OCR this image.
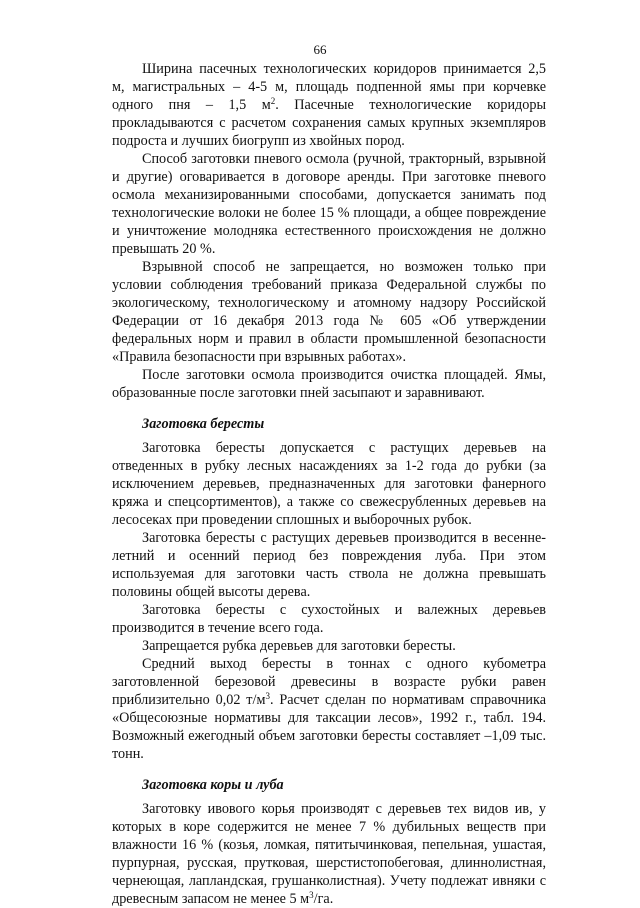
66

Ширина пасечных технологических коридоров принимается 2,5 м, магистральных – 4-5 м, площадь подпенной ямы при корчевке одного пня – 1,5 $м^2$. Пасечные технологические коридоры прокладываются с расчетом сохранения самых крупных экземпляров подроста и лучших биогрупп из хвойных пород.

Способ заготовки пневого осмола (ручной, тракторный, взрывной и другие) оговаривается в договоре аренды. При заготовке пневого осмола механизированными способами, допускается занимать под технологические волоки не более 15 % площади, а общее повреждение и уничтожение молодняка естественного происхождения не должно превышать 20 %.

Взрывной способ не запрещается, но возможен только при условии соблюдения требований приказа Федеральной службы по экологическому, технологическому и атомному надзору Российской Федерации от 16 декабря 2013 года № 605 «Об утверждении федеральных норм и правил в области промышленной безопасности «Правила безопасности при взрывных работах».

После заготовки осмола производится очистка площадей. Ямы, образованные после заготовки пней засыпают и заравнивают.

Заготовка бересты

Заготовка бересты допускается с растущих деревьев на отведенных в рубку лесных насаждениях за 1-2 года до рубки (за исключением деревьев, предназначенных для заготовки фанерного кряжа и спецсортиментов), а также со свежесрубленных деревьев на лесосеках при проведении сплошных и выборочных рубок.

Заготовка бересты с растущих деревьев производится в весенне-летний и осенний период без повреждения луба. При этом используемая для заготовки часть ствола не должна превышать половины общей высоты дерева.

Заготовка бересты с сухостойных и валежных деревьев производится в течение всего года.

Запрещается рубка деревьев для заготовки бересты.

Средний выход бересты в тоннах с одного кубометра заготовленной березовой древесины в возрасте рубки равен приблизительно 0,02 $т/м^3$. Расчет сделан по нормативам справочника «Общесоюзные нормативы для таксации лесов», 1992 г., табл. 194. Возможный ежегодный объем заготовки бересты составляет –1,09 тыс. тонн.

Заготовка коры и луба

Заготовку ивового корья производят с деревьев тех видов ив, у которых в коре содержится не менее 7 % дубильных веществ при влажности 16 % (козья, ломкая, пятитычинковая, пепельная, ушастая, пурпурная, русская, прутковая, шерстистопобеговая, длиннолистная, чернеющая, лапландская, грушанколистная). Учету подлежат ивняки с древесным запасом не менее 5 $м^3/га$.
